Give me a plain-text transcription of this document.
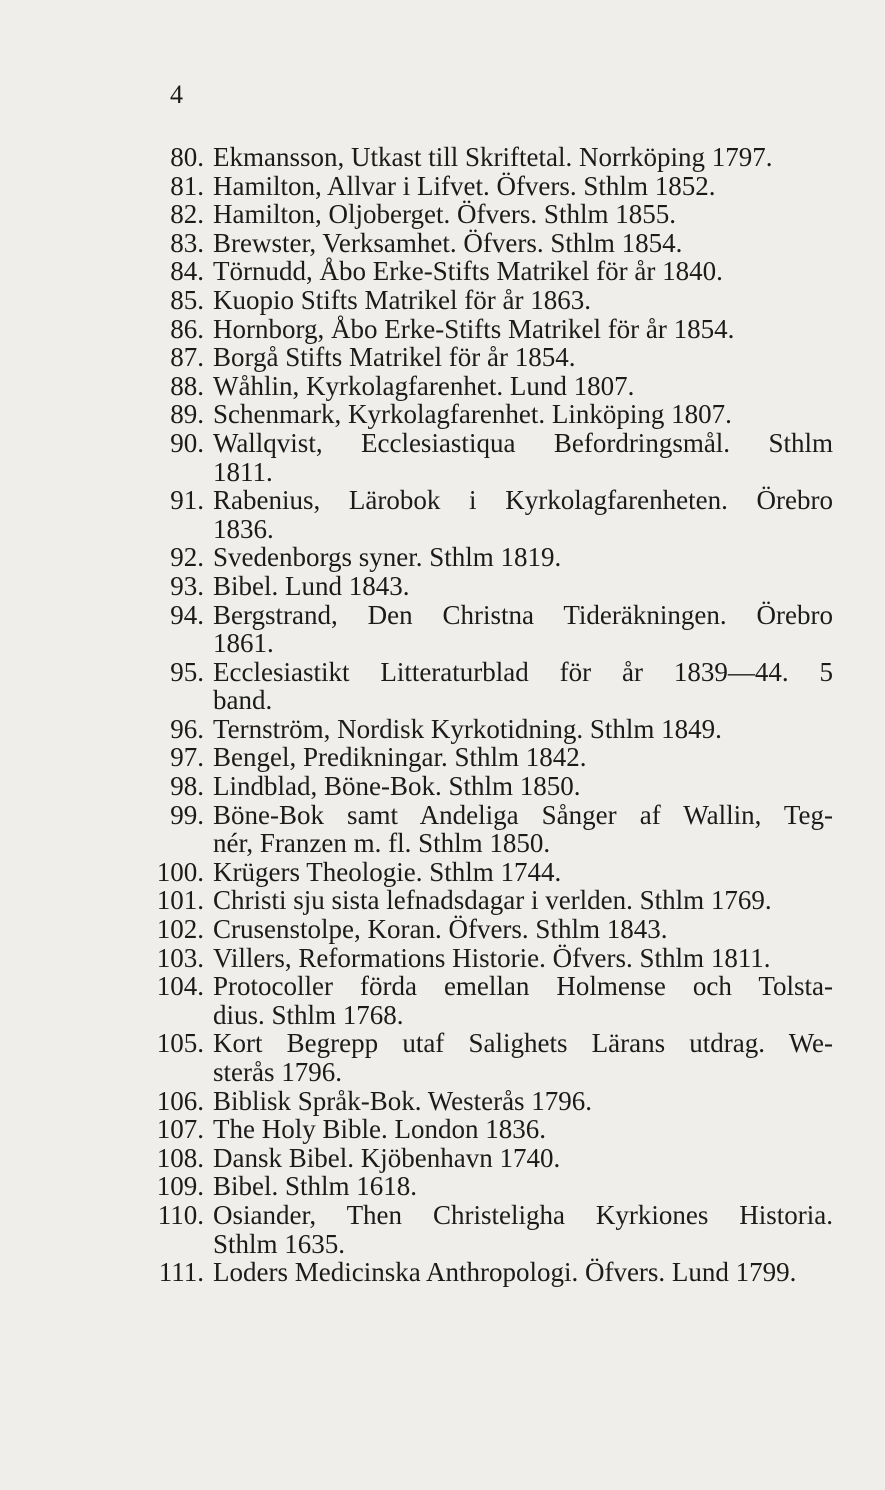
4
80. Ekmansson, Utkast till Skriftetal. Norrköping 1797.
81. Hamilton, Allvar i Lifvet. Öfvers. Sthlm 1852.
82. Hamilton, Oljoberget. Öfvers. Sthlm 1855.
83. Brewster, Verksamhet. Öfvers. Sthlm 1854.
84. Törnudd, Åbo Erke-Stifts Matrikel för år 1840.
85. Kuopio Stifts Matrikel för år 1863.
86. Hornborg, Åbo Erke-Stifts Matrikel för år 1854.
87. Borgå Stifts Matrikel för år 1854.
88. Wåhlin, Kyrkolagfarenhet. Lund 1807.
89. Schenmark, Kyrkolagfarenhet. Linköping 1807.
90. Wallqvist, Ecclesiastiqua Befordringsmål. Sthlm
1811.
91. Rabenius, Lärobok i Kyrkolagfarenheten. Örebro
1836.
92. Svedenborgs syner. Sthlm 1819.
93. Bibel. Lund 1843.
94. Bergstrand, Den Christna Tideräkningen. Örebro
1861.
95. Ecclesiastikt Litteraturblad för år 1839—44. 5
band.
96. Ternström, Nordisk Kyrkotidning. Sthlm 1849.
97. Bengel, Predikningar. Sthlm 1842.
98. Lindblad, Böne-Bok. Sthlm 1850.
99. Böne-Bok samt Andeliga Sånger af Wallin, Teg-
nér, Franzen m. fl. Sthlm 1850.
100. Krügers Theologie. Sthlm 1744.
101. Christi sju sista lefnadsdagar i verlden. Sthlm 1769.
102. Crusenstolpe, Koran. Öfvers. Sthlm 1843.
103. Villers, Reformations Historie. Öfvers. Sthlm 1811.
104. Protocoller förda emellan Holmense och Tolsta-
dius. Sthlm 1768.
105. Kort Begrepp utaf Salighets Lärans utdrag. We-
sterås 1796.
106. Biblisk Språk-Bok. Westerås 1796.
107. The Holy Bible. London 1836.
108. Dansk Bibel. Kjöbenhavn 1740.
109. Bibel. Sthlm 1618.
110. Osiander, Then Christeligha Kyrkiones Historia.
Sthlm 1635.
111. Loders Medicinska Anthropologi. Öfvers. Lund 1799.
